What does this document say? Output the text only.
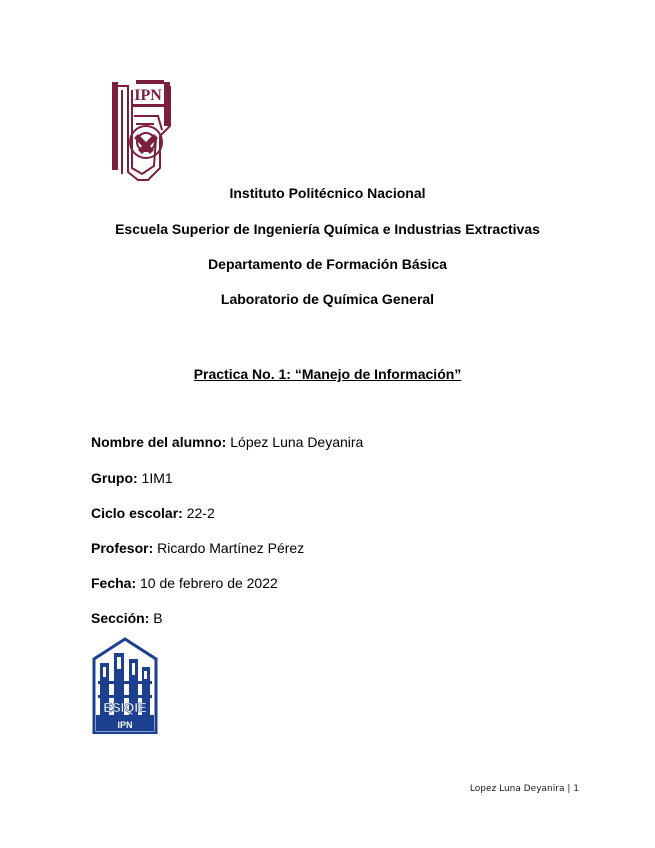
IPN
Instituto Politécnico Nacional
Escuela Superior de Ingeniería Química e Industrias Extractivas
Departamento de Formación Básica
Laboratorio de Química General
Practica No. 1: “Manejo de Información”
Nombre del alumno: López Luna Deyanira
Grupo: 1IM1
Ciclo escolar: 22-2
Profesor: Ricardo Martínez Pérez
Fecha: 10 de febrero de 2022
Sección: B
ESIQIE
IPN
Lopez Luna Deyanira | 1
